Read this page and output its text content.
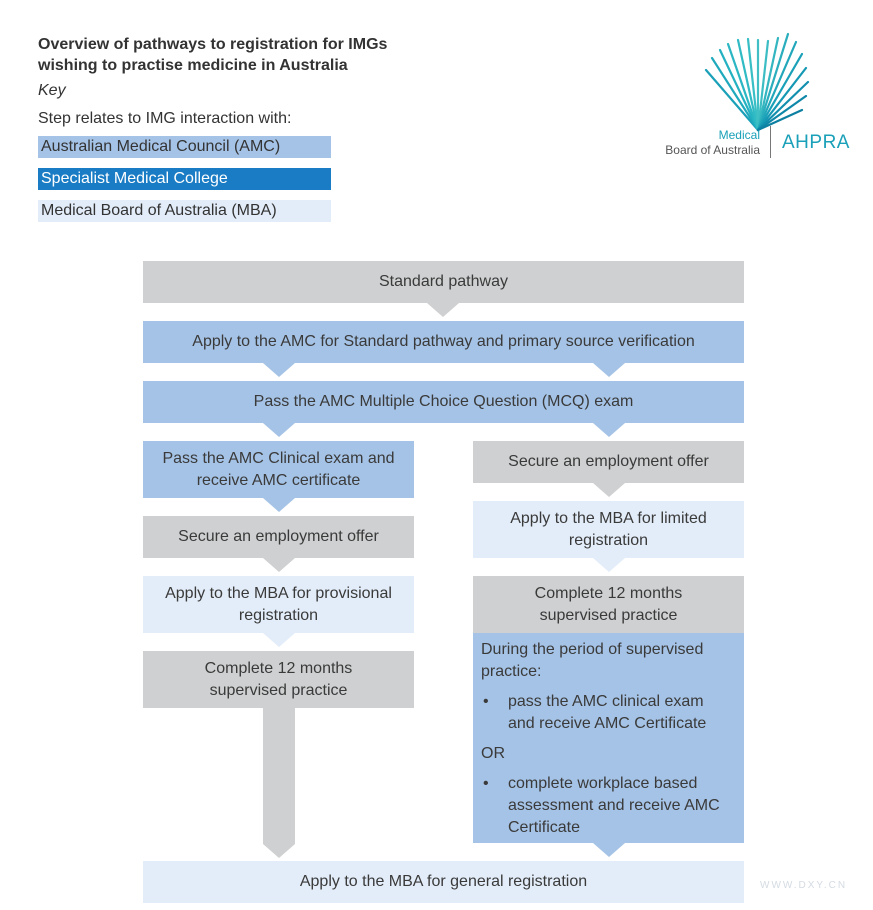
Overview of pathways to registration for IMGs
wishing to practise medicine in Australia
Key
Step relates to IMG interaction with:
Australian Medical Council (AMC)
Specialist Medical College
Medical Board of Australia (MBA)
Medical
Board of Australia AHPRA
Standard pathway
Apply to the AMC for Standard pathway and primary source verification
Pass the AMC Multiple Choice Question (MCQ) exam
Pass the AMC Clinical exam and receive AMC certificate
Secure an employment offer
Apply to the MBA for provisional registration
Complete 12 months supervised practice
Secure an employment offer
Apply to the MBA for limited registration
Complete 12 months supervised practice
During the period of supervised practice:
• pass the AMC clinical exam and receive AMC Certificate
OR
• complete workplace based assessment and receive AMC Certificate
Apply to the MBA for general registration	WWW.DXY.CN
